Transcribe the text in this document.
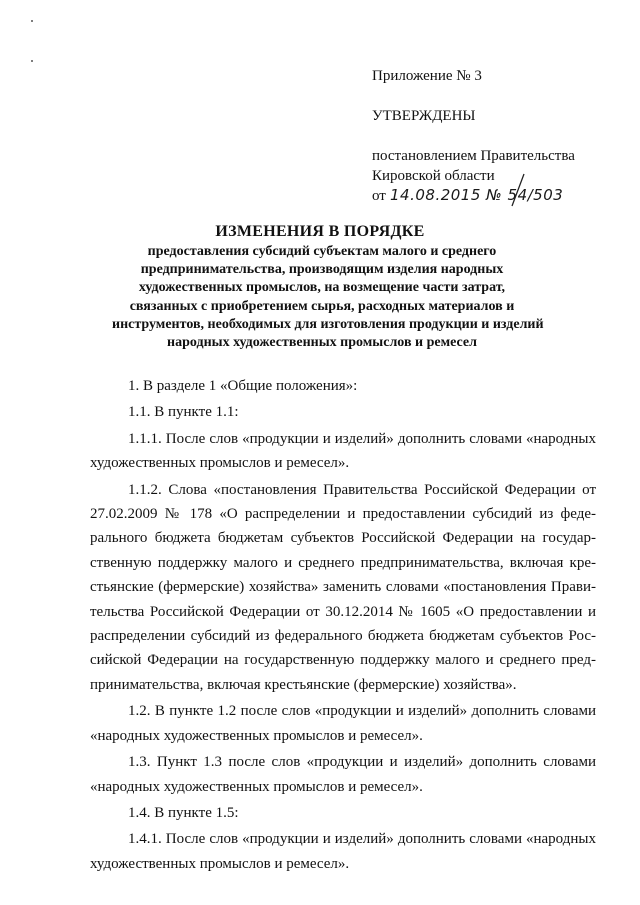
Приложение № 3
УТВЕРЖДЕНЫ
постановлением Правительства
Кировской области
от 14.08.2015 № 54/503
ИЗМЕНЕНИЯ В ПОРЯДКЕ
предоставления субсидий субъектам малого и среднего
предпринимательства, производящим изделия народных
художественных промыслов, на возмещение части затрат,
связанных с приобретением сырья, расходных материалов и
инструментов, необходимых для изготовления продукции и изделий
народных художественных промыслов и ремесел

1. В разделе 1 «Общие положения»:

1.1. В пункте 1.1:

1.1.1. После слов «продукции и изделий» дополнить словами «народных художественных промыслов и ремесел».

1.1.2. Слова «постановления Правительства Российской Федерации от 27.02.2009 № 178 «О распределении и предоставлении субсидий из феде-рального бюджета бюджетам субъектов Российской Федерации на государ-ственную поддержку малого и среднего предпринимательства, включая кре-стьянские (фермерские) хозяйства» заменить словами «постановления Прави-тельства Российской Федерации от 30.12.2014 № 1605 «О предоставлении и распределении субсидий из федерального бюджета бюджетам субъектов Рос-сийской Федерации на государственную поддержку малого и среднего пред-принимательства, включая крестьянские (фермерские) хозяйства».

1.2. В пункте 1.2 после слов «продукции и изделий» дополнить словами «народных художественных промыслов и ремесел».

1.3. Пункт 1.3 после слов «продукции и изделий» дополнить словами «народных художественных промыслов и ремесел».

1.4. В пункте 1.5:

1.4.1. После слов «продукции и изделий» дополнить словами «народных художественных промыслов и ремесел».
